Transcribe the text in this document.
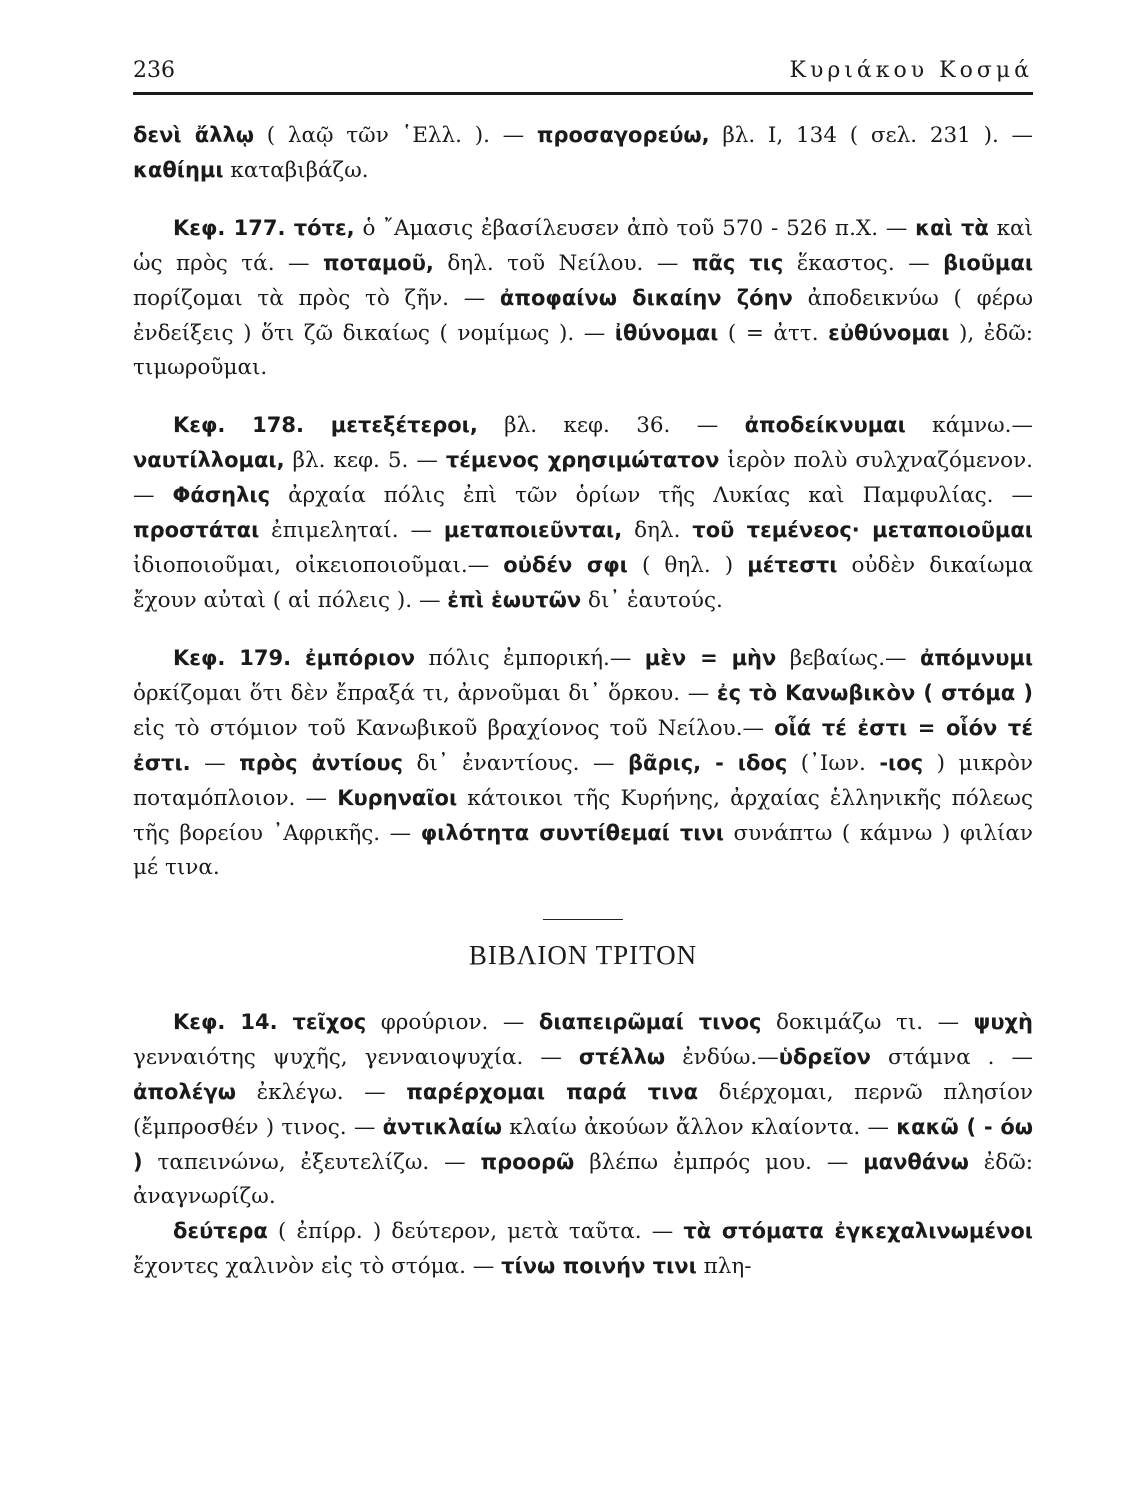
236	Κυριάκου Κοσμά

δενὶ ἄλλῳ ( λαῷ τῶν ῾Ελλ. ). — προσαγορεύω, βλ. I, 134 ( σελ. 231 ). — καθίημι καταβιβάζω.

Κεφ. 177. τότε, ὁ ῎Αμασις ἐβασίλευσεν ἀπὸ τοῦ 570 - 526 π.Χ. — καὶ τὰ καὶ ὡς πρὸς τά. — ποταμοῦ, δηλ. τοῦ Νείλου. — πᾶς τις ἕκαστος. — βιοῦμαι πορίζομαι τὰ πρὸς τὸ ζῆν. — ἀποφαίνω δικαίην ζόην ἀποδεικνύω ( φέρω ἐνδείξεις ) ὅτι ζῶ δικαίως ( νομίμως ). — ἰθύνομαι ( = ἀττ. εὐθύνομαι ), ἐδῶ: τιμωροῦμαι.

Κεφ. 178. μετεξέτεροι, βλ. κεφ. 36. — ἀποδείκνυμαι κάμνω.— ναυτίλλομαι, βλ. κεφ. 5. — τέμενος χρησιμώτατον ἱερὸν πολὺ συλχναζόμενον.— Φάσηλις ἀρχαία πόλις ἐπὶ τῶν ὁρίων τῆς Λυκίας καὶ Παμφυλίας. — προστάται ἐπιμεληταί. — μεταποιεῦνται, δηλ. τοῦ τεμένεος· μεταποιοῦμαι ἰδιοποιοῦμαι, οἰκειοποιοῦμαι.— οὐδέν σφι ( θηλ. ) μέτεστι οὐδὲν δικαίωμα ἔχουν αὐταὶ ( αἱ πόλεις ). — ἐπὶ ἑωυτῶν δι᾽ ἑαυτούς.

Κεφ. 179. ἐμπόριον πόλις ἐμπορική.— μὲν = μὴν βεβαίως.— ἀπόμνυμι ὁρκίζομαι ὅτι δὲν ἔπραξά τι, ἀρνοῦμαι δι᾽ ὅρκου. — ἐς τὸ Κανωβικὸν ( στόμα ) εἰς τὸ στόμιον τοῦ Κανωβικοῦ βραχίονος τοῦ Νείλου.— οἷά τέ ἐστι = οἷόν τέ ἐστι. — πρὸς ἀντίους δι᾽ ἐναντίους. — βᾶρις, - ιδος (᾽Ιων. -ιος ) μικρὸν ποταμόπλοιον. — Κυρηναῖοι κάτοικοι τῆς Κυρήνης, ἀρχαίας ἑλληνικῆς πόλεως τῆς βορείου ᾽Αφρικῆς. — φιλότητα συντίθεμαί τινι συνάπτω ( κάμνω ) φιλίαν μέ τινα.

ΒΙΒΛΙΟΝ ΤΡΙΤΟΝ

Κεφ. 14. τεῖχος φρούριον. — διαπειρῶμαί τινος δοκιμάζω τι. — ψυχὴ γενναιότης ψυχῆς, γενναιοψυχία. — στέλλω ἐνδύω.—ὑδρεῖον στάμνα . — ἀπολέγω ἐκλέγω. — παρέρχομαι παρά τινα διέρχομαι, περνῶ πλησίον (ἔμπροσθέν ) τινος. — ἀντικλαίω κλαίω ἀκούων ἄλλον κλαίοντα. — κακῶ ( - όω ) ταπεινώνω, ἐξευτελίζω. — προορῶ βλέπω ἐμπρός μου. — μανθάνω ἐδῶ: ἀναγνωρίζω.

δεύτερα ( ἐπίρρ. ) δεύτερον, μετὰ ταῦτα. — τὰ στόματα ἐγκεχαλινωμένοι ἔχοντες χαλινὸν εἰς τὸ στόμα. — τίνω ποινήν τινι πλη-
